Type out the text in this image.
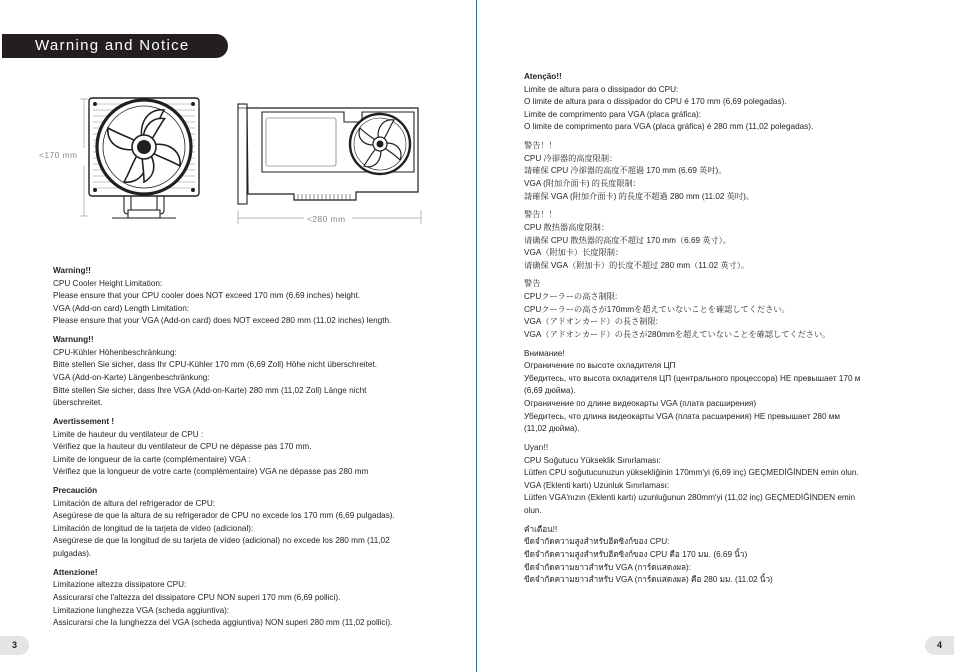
Warning and Notice
<170 mm
<280 mm
Warning!!
CPU Cooler Height Limitation:
Please ensure that your CPU cooler does NOT exceed 170 mm (6.69 inches) height.
VGA (Add-on card) Length Limitation:
Please ensure that your VGA (Add-on card) does NOT exceed 280 mm (11.02 inches) length.
Warnung!!
CPU-Kühler Höhenbeschränkung:
Bitte stellen Sie sicher, dass Ihr CPU-Kühler 170 mm (6,69 Zoll) Höhe nicht überschreitet.
VGA (Add-on-Karte) Längenbeschränkung:
Bitte stellen Sie sicher, dass Ihre VGA (Add-on-Karte) 280 mm (11,02 Zoll) Länge nicht
überschreitet.
Avertissement !
Limite de hauteur du ventilateur de CPU :
Vérifiez que la hauteur du ventilateur de CPU ne dépasse pas 170 mm.
Limite de longueur de la carte (complémentaire) VGA :
Vérifiez que la longueur de votre carte (complémentaire) VGA ne dépasse pas 280 mm
Precaución
Limitación de altura del refrigerador de CPU:
Asegúrese de que la altura de su refrigerador de CPU no excede los 170 mm (6,69 pulgadas).
Limitación de longitud de la tarjeta de vídeo (adicional):
Asegúrese de que la longitud de su tarjeta de vídeo (adicional) no excede los 280 mm (11,02
pulgadas).
Attenzione!
Limitazione altezza dissipatore CPU:
Assicurarsi che l'altezza del dissipatore CPU NON superi 170 mm (6,69 pollici).
Limitazione lunghezza VGA (scheda aggiuntiva):
Assicurarsi che la lunghezza del VGA (scheda aggiuntiva) NON superi 280 mm (11,02 pollici).
3
Atenção!!
Limite de altura para o dissipador do CPU:
O limite de altura para o dissipador do CPU é 170 mm (6,69 polegadas).
Limite de comprimento para VGA (placa gráfica):
O limite de comprimento para VGA (placa gráfica) é 280 mm (11,02 polegadas).
警告！！
CPU 冷卻器的高度限制：
請確保 CPU 冷卻器的高度不超過 170 mm (6.69 英吋)。
VGA (附加介面卡) 的長度限制：
請確保 VGA (附加介面卡) 的長度不超過 280 mm (11.02 英吋)。
警告！！
CPU 散热器高度限制：
请确保 CPU 散热器的高度不超过 170 mm（6.69 英寸）。
VGA（附加卡）长度限制：
请确保 VGA（附加卡）的长度不超过 280 mm（11.02 英寸）。
警告
CPUクーラーの高さ制限:
CPUクーラーの高さが170mmを超えていないことを確認してください。
VGA（アドオンカード）の長さ制限:
VGA（アドオンカード）の長さが280mmを超えていないことを確認してください。
Внимание!
Ограничение по высоте охладителя ЦП
Убедитесь, что высота охладителя ЦП (центрального процессора) НЕ превышает 170 м
(6,69 дюйма).
Ограничение по длине видеокарты VGA (плата расширения)
Убедитесь, что длина видеокарты VGA (плата расширения) НЕ превышает 280 мм
(11,02 дюйма).
Uyarı!!
CPU Soğutucu Yükseklik Sınırlaması:
Lütfen CPU soğutucunuzun yüksekliğinin 170mm'yi (6,69 inç) GEÇMEDİĞİNDEN emin olun.
VGA (Eklenti kartı) Uzunluk Sınırlaması:
Lütfen VGA'nızın (Eklenti kartı) uzunluğunun 280mm'yi (11,02 inç) GEÇMEDİĞİNDEN emin
olun.
คำเตือน!!
ขีดจำกัดความสูงสำหรับฮีตซิงก์ของ CPU:
ขีดจำกัดความสูงสำหรับฮีตซิงก์ของ CPU คือ 170 มม. (6.69 นิ้ว)
ขีดจำกัดความยาวสำหรับ VGA (การ์ดแสดงผล):
ขีดจำกัดความยาวสำหรับ VGA (การ์ดแสดงผล) คือ 280 มม. (11.02 นิ้ว)
4
